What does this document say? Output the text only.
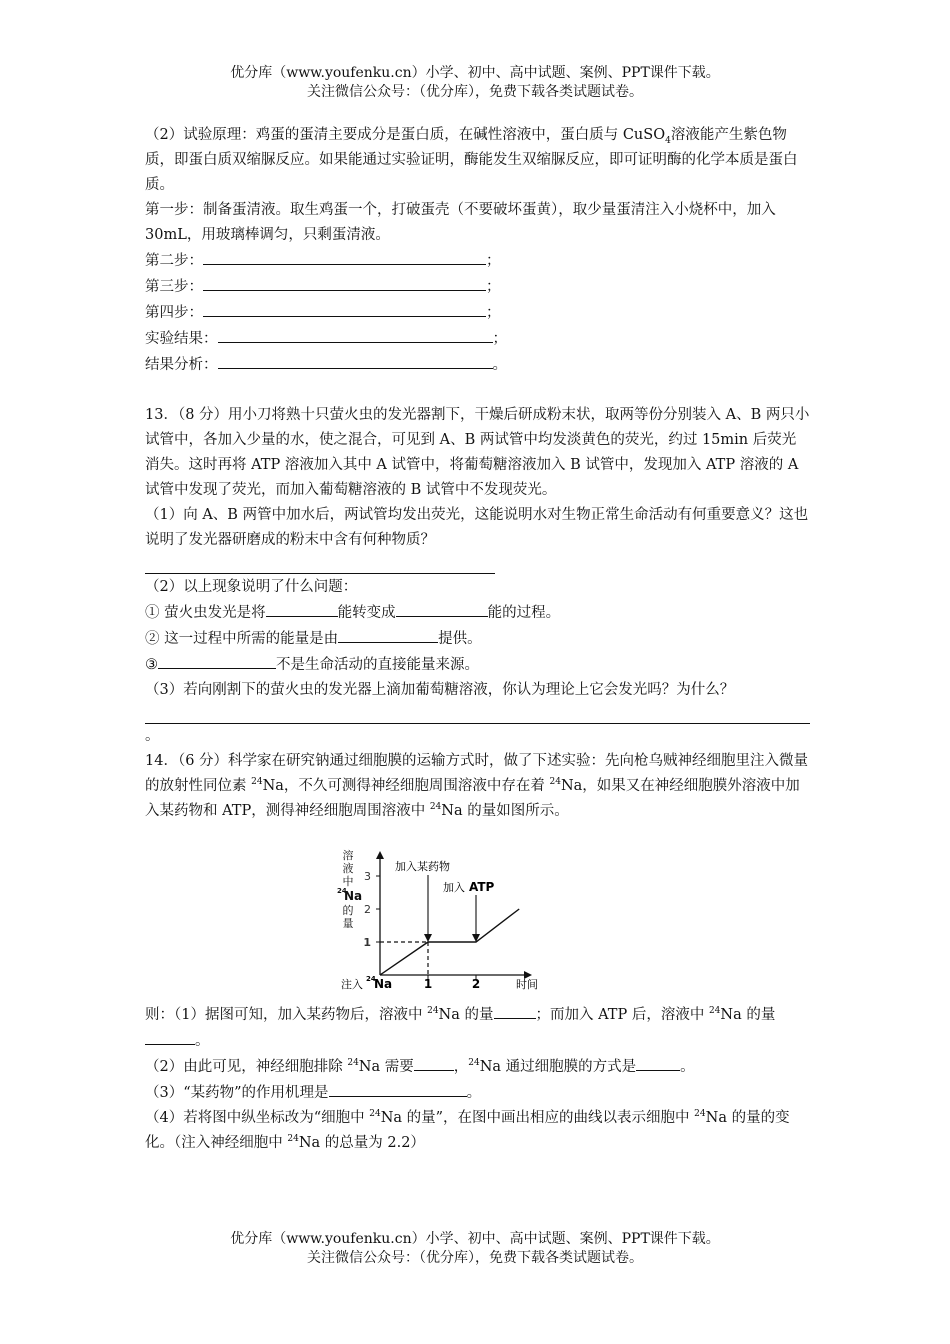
优分库（www.youfenku.cn）小学、初中、高中试题、案例、PPT课件下载。
关注微信公众号：（优分库），免费下载各类试题试卷。

（2）试验原理：鸡蛋的蛋清主要成分是蛋白质，在碱性溶液中，蛋白质与 CuSO$_4$溶液能产生紫色物质，即蛋白质双缩脲反应。如果能通过实验证明，酶能发生双缩脲反应，即可证明酶的化学本质是蛋白质。

第一步：制备蛋清液。取生鸡蛋一个，打破蛋壳（不要破坏蛋黄），取少量蛋清注入小烧杯中，加入 30mL，用玻璃棒调匀，只剩蛋清液。

第二步：	；

第三步：	；

第四步：	；

实验结果：	；

结果分析：	。

13．（8 分）用小刀将熟十只萤火虫的发光器割下，干燥后研成粉末状，取两等份分别装入 A、B 两只小试管中，各加入少量的水，使之混合，可见到 A、B 两试管中均发淡黄色的荧光，约过 15min 后荧光消失。这时再将 ATP 溶液加入其中 A 试管中，将葡萄糖溶液加入 B 试管中，发现加入 ATP 溶液的 A 试管中发现了荧光，而加入葡萄糖溶液的 B 试管中不发现荧光。

（1）向 A、B 两管中加水后，两试管均发出荧光，这能说明水对生物正常生命活动有何重要意义？这也说明了发光器研磨成的粉末中含有何种物质？

（2）以上现象说明了什么问题：

① 萤火虫发光是将	能转变成	能的过程。

② 这一过程中所需的能量是由	提供。

③	不是生命活动的直接能量来源。

（3）若向刚割下的萤火虫的发光器上滴加葡萄糖溶液，你认为理论上它会发光吗？为什么？

。

14．（6 分）科学家在研究钠通过细胞膜的运输方式时，做了下述实验：先向枪乌贼神经细胞里注入微量的放射性同位素 $^{24}$Na，不久可测得神经细胞周围溶液中存在着 $^{24}$Na，如果又在神经细胞膜外溶液中加入某药物和 ATP，测得神经细胞周围溶液中 $^{24}$Na 的量如图所示。

则：（1）据图可知，加入某药物后，溶液中 $^{24}$Na 的量	；而加入 ATP 后，溶液中 $^{24}$Na 的量。

（2）由此可见，神经细胞排除 $^{24}$Na 需要	，$^{24}$Na 通过细胞膜的方式是	。

（3）“某药物”的作用机理是	。

（4）若将图中纵坐标改为“细胞中 $^{24}$Na 的量”，在图中画出相应的曲线以表示细胞中 $^{24}$Na 的量的变化。（注入神经细胞中 $^{24}$Na 的总量为 2.2）

溶
液
中
24
Na
的
量
1
2
3
1	2
注入 24
Na	时间
加入某药物
加入 ATP
优分库（www.youfenku.cn）小学、初中、高中试题、案例、PPT课件下载。
关注微信公众号：（优分库），免费下载各类试题试卷。
